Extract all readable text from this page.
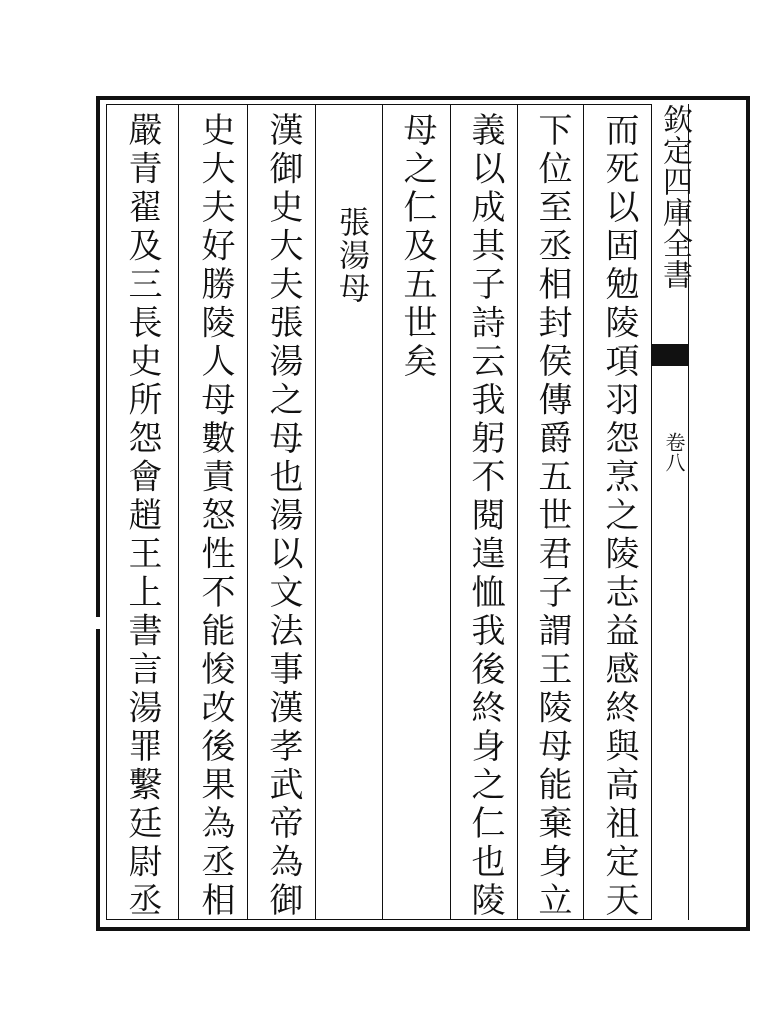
欽定四庫全書
卷八
而死以固勉陵項羽怨烹之陵志益感終與高祖定天
下位至丞相封侯傳爵五世君子謂王陵母能棄身立
義以成其子詩云我躬不閱遑恤我後終身之仁也陵
母之仁及五世矣
張湯母
漢御史大夫張湯之母也湯以文法事漢孝武帝為御
史大夫好勝陵人母數責怒性不能悛改後果為丞相
嚴青翟及三長史所怨會趙王上書言湯罪繫廷尉丞
